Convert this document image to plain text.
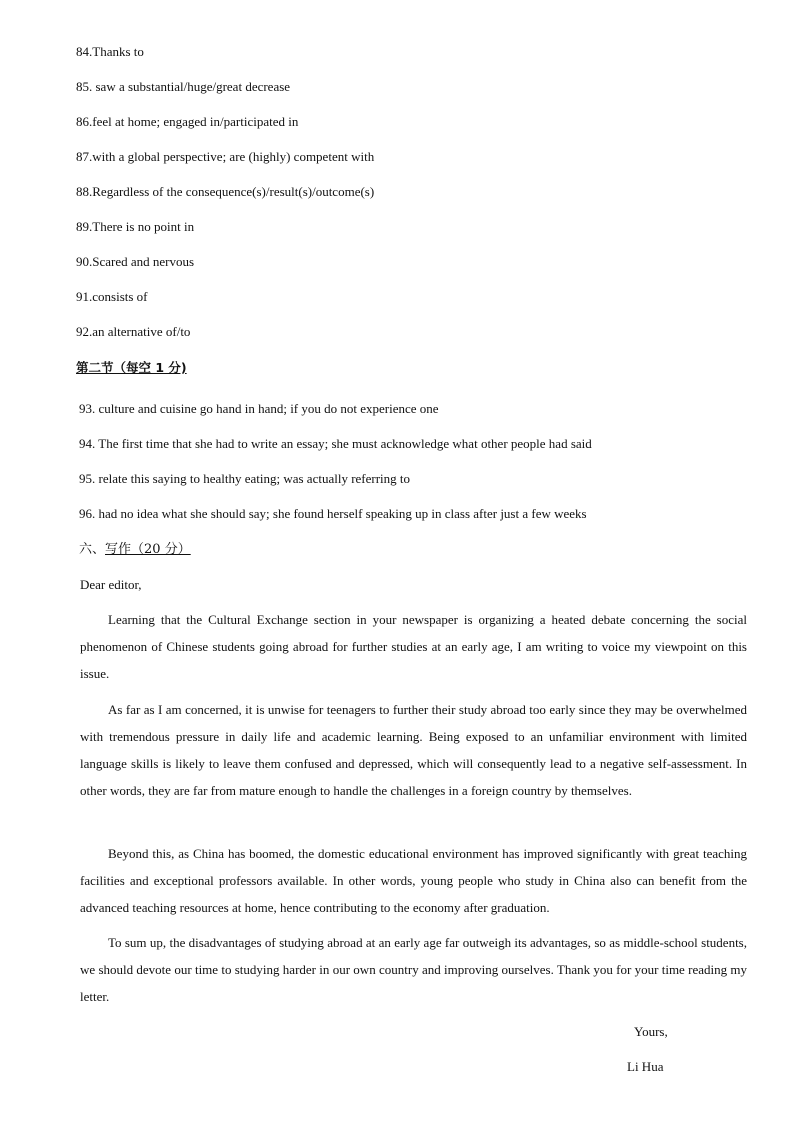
84.Thanks to
85. saw a substantial/huge/great decrease
86.feel at home; engaged in/participated in
87.with a global perspective; are (highly) competent with
88.Regardless of the consequence(s)/result(s)/outcome(s)
89.There is no point in
90.Scared and nervous
91.consists of
92.an alternative of/to
第二节（每空 1 分)
93. culture and cuisine go hand in hand; if you do not experience one
94. The first time that she had to write an essay; she must acknowledge what other people had said
95. relate this saying to healthy eating; was actually referring to
96. had no idea what she should say; she found herself speaking up in class after just a few weeks
六、写作（20 分）
Dear editor,

Learning that the Cultural Exchange section in your newspaper is organizing a heated debate concerning the social phenomenon of Chinese students going abroad for further studies at an early age, I am writing to voice my viewpoint on this issue.

As far as I am concerned, it is unwise for teenagers to further their study abroad too early since they may be overwhelmed with tremendous pressure in daily life and academic learning. Being exposed to an unfamiliar environment with limited language skills is likely to leave them confused and depressed, which will consequently lead to a negative self-assessment. In other words, they are far from mature enough to handle the challenges in a foreign country by themselves.

Beyond this, as China has boomed, the domestic educational environment has improved significantly with great teaching facilities and exceptional professors available. In other words, young people who study in China also can benefit from the advanced teaching resources at home, hence contributing to the economy after graduation.

To sum up, the disadvantages of studying abroad at an early age far outweigh its advantages, so as middle-school students, we should devote our time to studying harder in our own country and improving ourselves. Thank you for your time reading my letter.

Yours,
Li Hua
